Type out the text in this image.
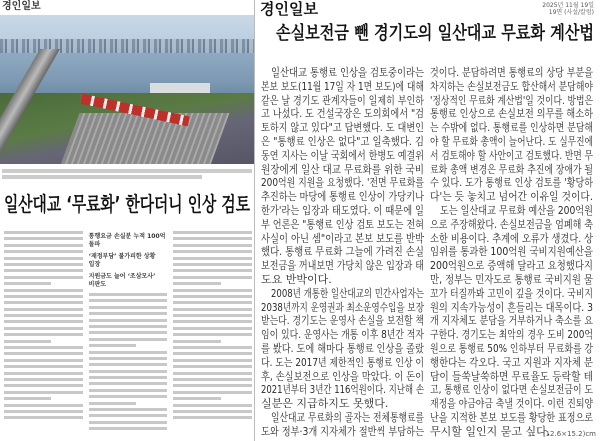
경인일보
일산대교 ‘무료화’ 한다더니 인상 검토
통행요금 손실분 누적 100억 돌파
‘재정부담’ 불가피한 상황 입장
지원금도 늘어 ‘조삼모사’ 비판도
경인일보	2025년 11월 19일
19면 (사설/칼럼)
손실보전금 뺀 경기도의 일산대교 무료화 계산법
일산대교 통행료 인상을 검토중이라는
본보 보도(11월 17일 자 1면 보도)에 대해
같은 날 경기도 관계자들이 일제히 부인하
고 나섰다. 도 건설국장은 도의회에서 "검
토하지 않고 있다"고 답변했다. 도 대변인
은 "통행료 인상은 없다"고 일축했다. 김
동연 지사는 이날 국회에서 한병도 예결위
원장에게 일산 대교 무료화를 위한 국비
200억원 지원을 요청했다. '전면 무료화를
추진하는 마당에 통행료 인상이 가당키나
한가'라는 입장과 태도였다. 이 때문에 일
부 언론은 "통행료 인상 검토 보도는 전혀
사실이 아닌 셈"이라고 본보 보도를 반박
했다. 통행료 무료화 그늘에 가려진 손실
보전금을 꺼내보면 가당치 않은 입장과 태
도요 반박이다.
2008년 개통한 일산대교의 민간사업자는
2038년까지 운영권과 최소운영수입을 보장
받는다. 경기도는 운영사 손실을 보전할 책
임이 있다. 운영사는 개통 이후 8년간 적자
를 봤다. 도에 해마다 통행료 인상을 졸랐
다. 도는 2017년 제한적인 통행료 인상 이
후, 손실보전으로 인상을 막았다. 이 돈이
2021년부터 3년간 116억원이다. 지난해 손
실분은 지급하지도 못했다.
일산대교 무료화의 골자는 전체통행료를
도와 정부·3개 지자체가 절반씩 부담하는
것이다. 분담하려면 통행료의 상당 부분을
차지하는 손실보전금도 합산해서 분담해야
'정상적인 무료화 계산법'일 것이다. 방법은
통행료 인상으로 손실보전 의무를 해소하
는 수밖에 없다. 통행료를 인상하면 분담해
야 할 무료화 총액이 늘어난다. 도 실무진에
서 검토해야 할 사안이고 검토했다. 반면 무
료화 총액 변경은 무료화 추진에 장애가 될
수 있다. 도가 통행료 인상 검토를 '황당하
다'는 듯 놓치고 넘어간 이유일 것이다.
도는 일산대교 무료화 예산을 200억원
으로 주장해왔다. 손실보전금을 엄폐해 축
소한 비용이다. 추계에 오류가 생겼다. 상
임위를 통과한 100억원 국비지원예산을
200억원으로 증액해 달라고 요청했다지
만, 정부는 민자도로 통행료 국비지원 물
꼬가 터질까봐 고민이 깊을 것이다. 국비지
원의 지속가능성이 흔들리는 대목이다. 3
개 지자체도 분담을 거부하거나 축소를 요
구한다. 경기도는 최악의 경우 도비 200억
원으로 통행료 50% 인하부터 무료화를 강
행한다는 각오다. 국고 지원과 지자체 분
담이 들쑥날쑥하면 무료율도 등락할 테
고, 통행료 인상이 없다면 손실보전금이 도
재정을 야금야금 축낼 것이다. 이런 진퇴양
난을 지적한 본보 보도를 황당한 표정으로
무시할 일인지 묻고 싶다.
(12.6×15.2)cm
